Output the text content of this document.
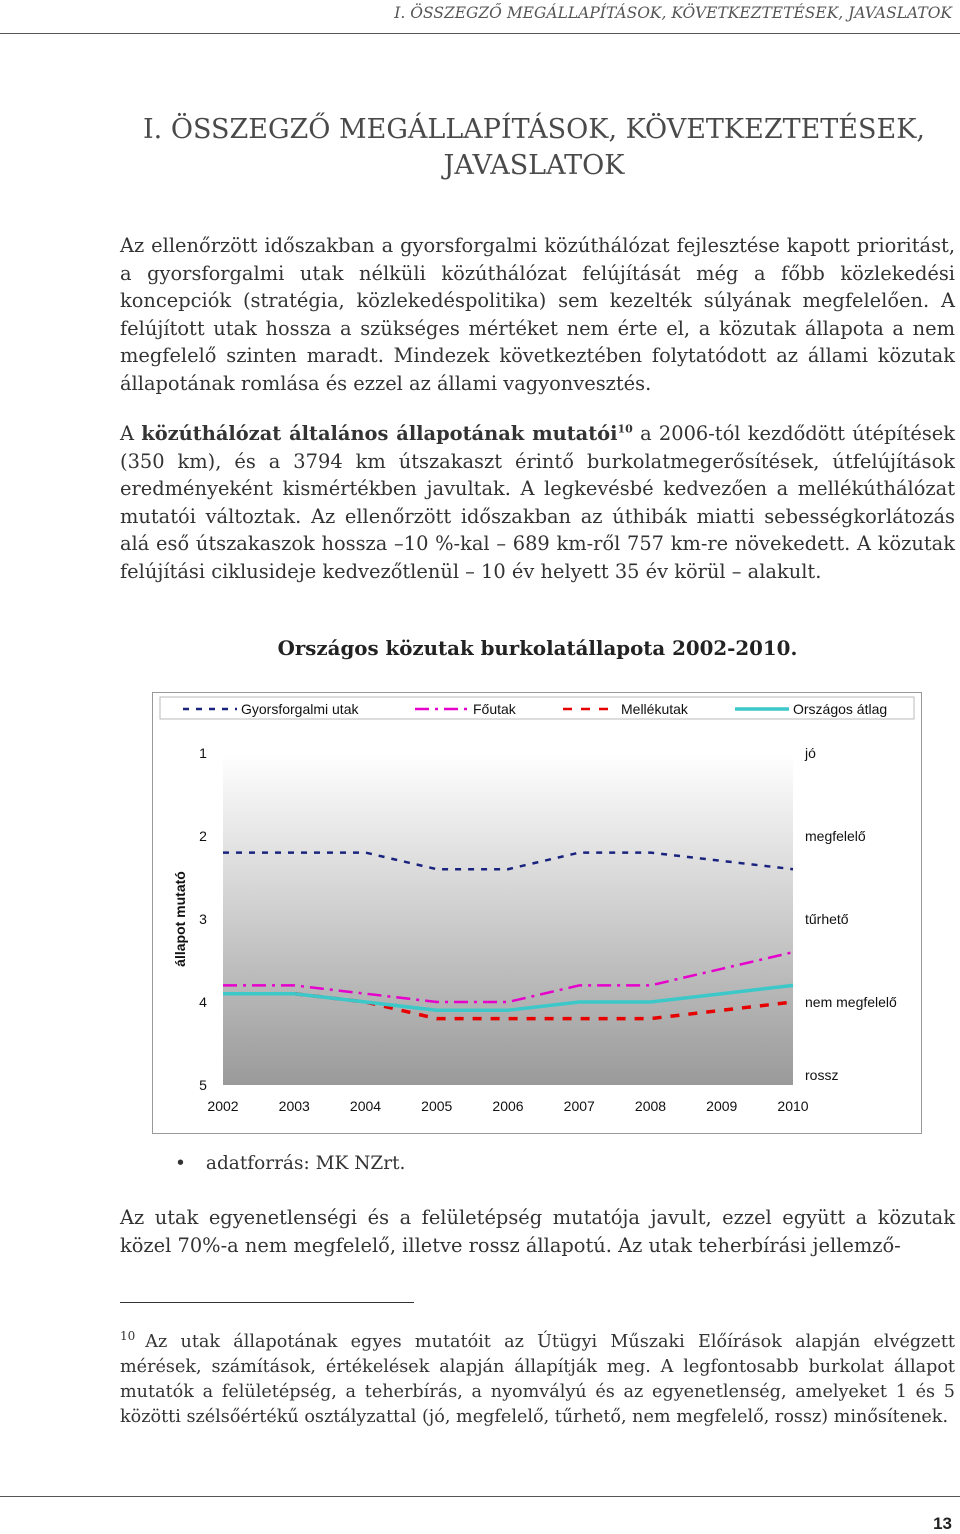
I. ÖSSZEGZŐ MEGÁLLAPÍTÁSOK, KÖVETKEZTETÉSEK, JAVASLATOK
I. ÖSSZEGZŐ MEGÁLLAPÍTÁSOK, KÖVETKEZTETÉSEK, JAVASLATOK

Az ellenőrzött időszakban a gyorsforgalmi közúthálózat fejlesztése kapott prioritást, a gyorsforgalmi utak nélküli közúthálózat felújítását még a főbb közlekedési koncepciók (stratégia, közlekedéspolitika) sem kezelték súlyának megfelelően. A felújított utak hossza a szükséges mértéket nem érte el, a közutak állapota a nem megfelelő szinten maradt. Mindezek következtében folytatódott az állami közutak állapotának romlása és ezzel az állami vagyonvesztés.

A közúthálózat általános állapotának mutatói$^{10}$ a 2006-tól kezdődött útépítések (350 km), és a 3794 km útszakaszt érintő burkolatmegerősítések, útfelújítások eredményeként kismértékben javultak. A legkevésbé kedvezően a mellékúthálózat mutatói változtak. Az ellenőrzött időszakban az úthibák miatti sebességkorlátozás alá eső útszakaszok hossza –10 %-kal – 689 km-ről 757 km-re növekedett. A közutak felújítási ciklusideje kedvezőtlenül – 10 év helyett 35 év körül – alakult.

Országos közutak burkolatállapota 2002-2010.
1
2
3
4
5
jó
megfelelő
tűrhető
nem megfelelő
rossz
2002	2003	2004	2005	2006	2007	2008	2009	2010
állapot mutató
Gyorsforgalmi utak	Főutak	Mellékutak	Országos átlag
• adatforrás: MK NZrt.

Az utak egyenetlenségi és a felületépség mutatója javult, ezzel együtt a közutak közel 70%-a nem megfelelő, illetve rossz állapotú. Az utak teherbírási jellemző-

$^{10}$ Az utak állapotának egyes mutatóit az Útügyi Műszaki Előírások alapján elvégzett mérések, számítások, értékelések alapján állapítják meg. A legfontosabb burkolat állapot mutatók a felületépség, a teherbírás, a nyomvályú és az egyenetlenség, amelyeket 1 és 5 közötti szélsőértékű osztályzattal (jó, megfelelő, tűrhető, nem megfelelő, rossz) minősítenek.

13
